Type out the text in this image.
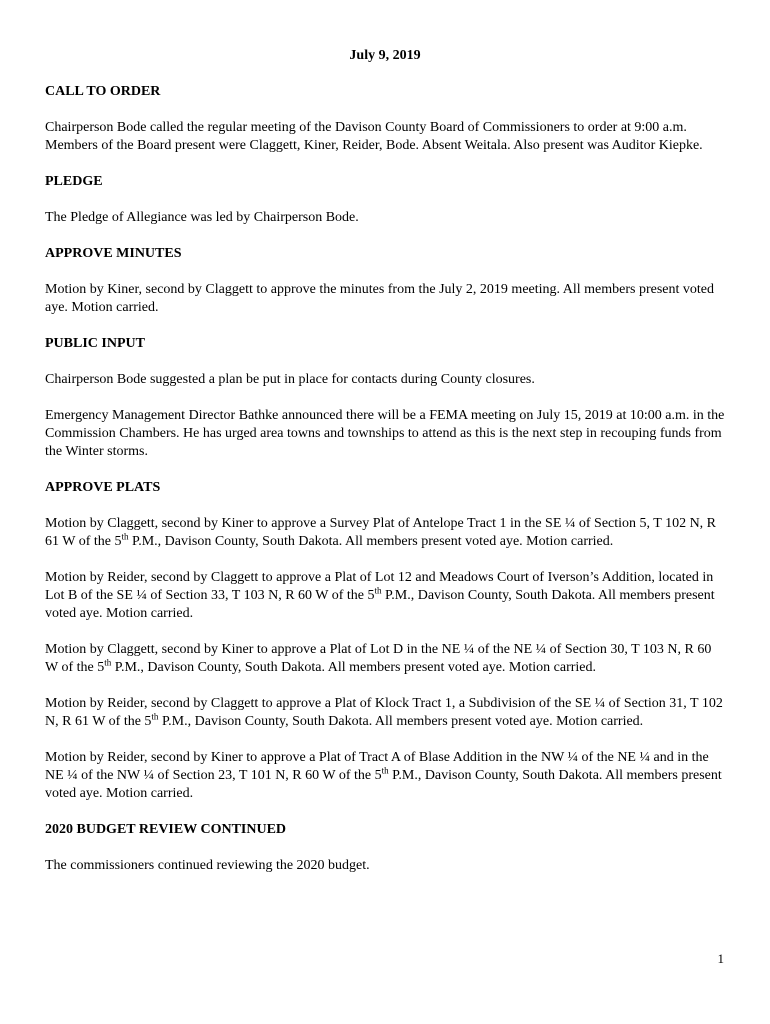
July 9, 2019
CALL TO ORDER
Chairperson Bode called the regular meeting of the Davison County Board of Commissioners to order at 9:00 a.m. Members of the Board present were Claggett, Kiner, Reider, Bode. Absent Weitala. Also present was Auditor Kiepke.
PLEDGE
The Pledge of Allegiance was led by Chairperson Bode.
APPROVE MINUTES
Motion by Kiner, second by Claggett to approve the minutes from the July 2, 2019 meeting. All members present voted aye. Motion carried.
PUBLIC INPUT
Chairperson Bode suggested a plan be put in place for contacts during County closures.
Emergency Management Director Bathke announced there will be a FEMA meeting on July 15, 2019 at 10:00 a.m. in the Commission Chambers. He has urged area towns and townships to attend as this is the next step in recouping funds from the Winter storms.
APPROVE PLATS
Motion by Claggett, second by Kiner to approve a Survey Plat of Antelope Tract 1 in the SE ¼ of Section 5, T 102 N, R 61 W of the 5th P.M., Davison County, South Dakota. All members present voted aye. Motion carried.
Motion by Reider, second by Claggett to approve a Plat of Lot 12 and Meadows Court of Iverson’s Addition, located in Lot B of the SE ¼ of Section 33, T 103 N, R 60 W of the 5th P.M., Davison County, South Dakota. All members present voted aye. Motion carried.
Motion by Claggett, second by Kiner to approve a Plat of Lot D in the NE ¼ of the NE ¼ of Section 30, T 103 N, R 60 W of the 5th P.M., Davison County, South Dakota. All members present voted aye. Motion carried.
Motion by Reider, second by Claggett to approve a Plat of Klock Tract 1, a Subdivision of the SE ¼ of Section 31, T 102 N, R 61 W of the 5th P.M., Davison County, South Dakota. All members present voted aye. Motion carried.
Motion by Reider, second by Kiner to approve a Plat of Tract A of Blase Addition in the NW ¼ of the NE ¼ and in the NE ¼ of the NW ¼ of Section 23, T 101 N, R 60 W of the 5th P.M., Davison County, South Dakota. All members present voted aye. Motion carried.
2020 BUDGET REVIEW CONTINUED
The commissioners continued reviewing the 2020 budget.
1
